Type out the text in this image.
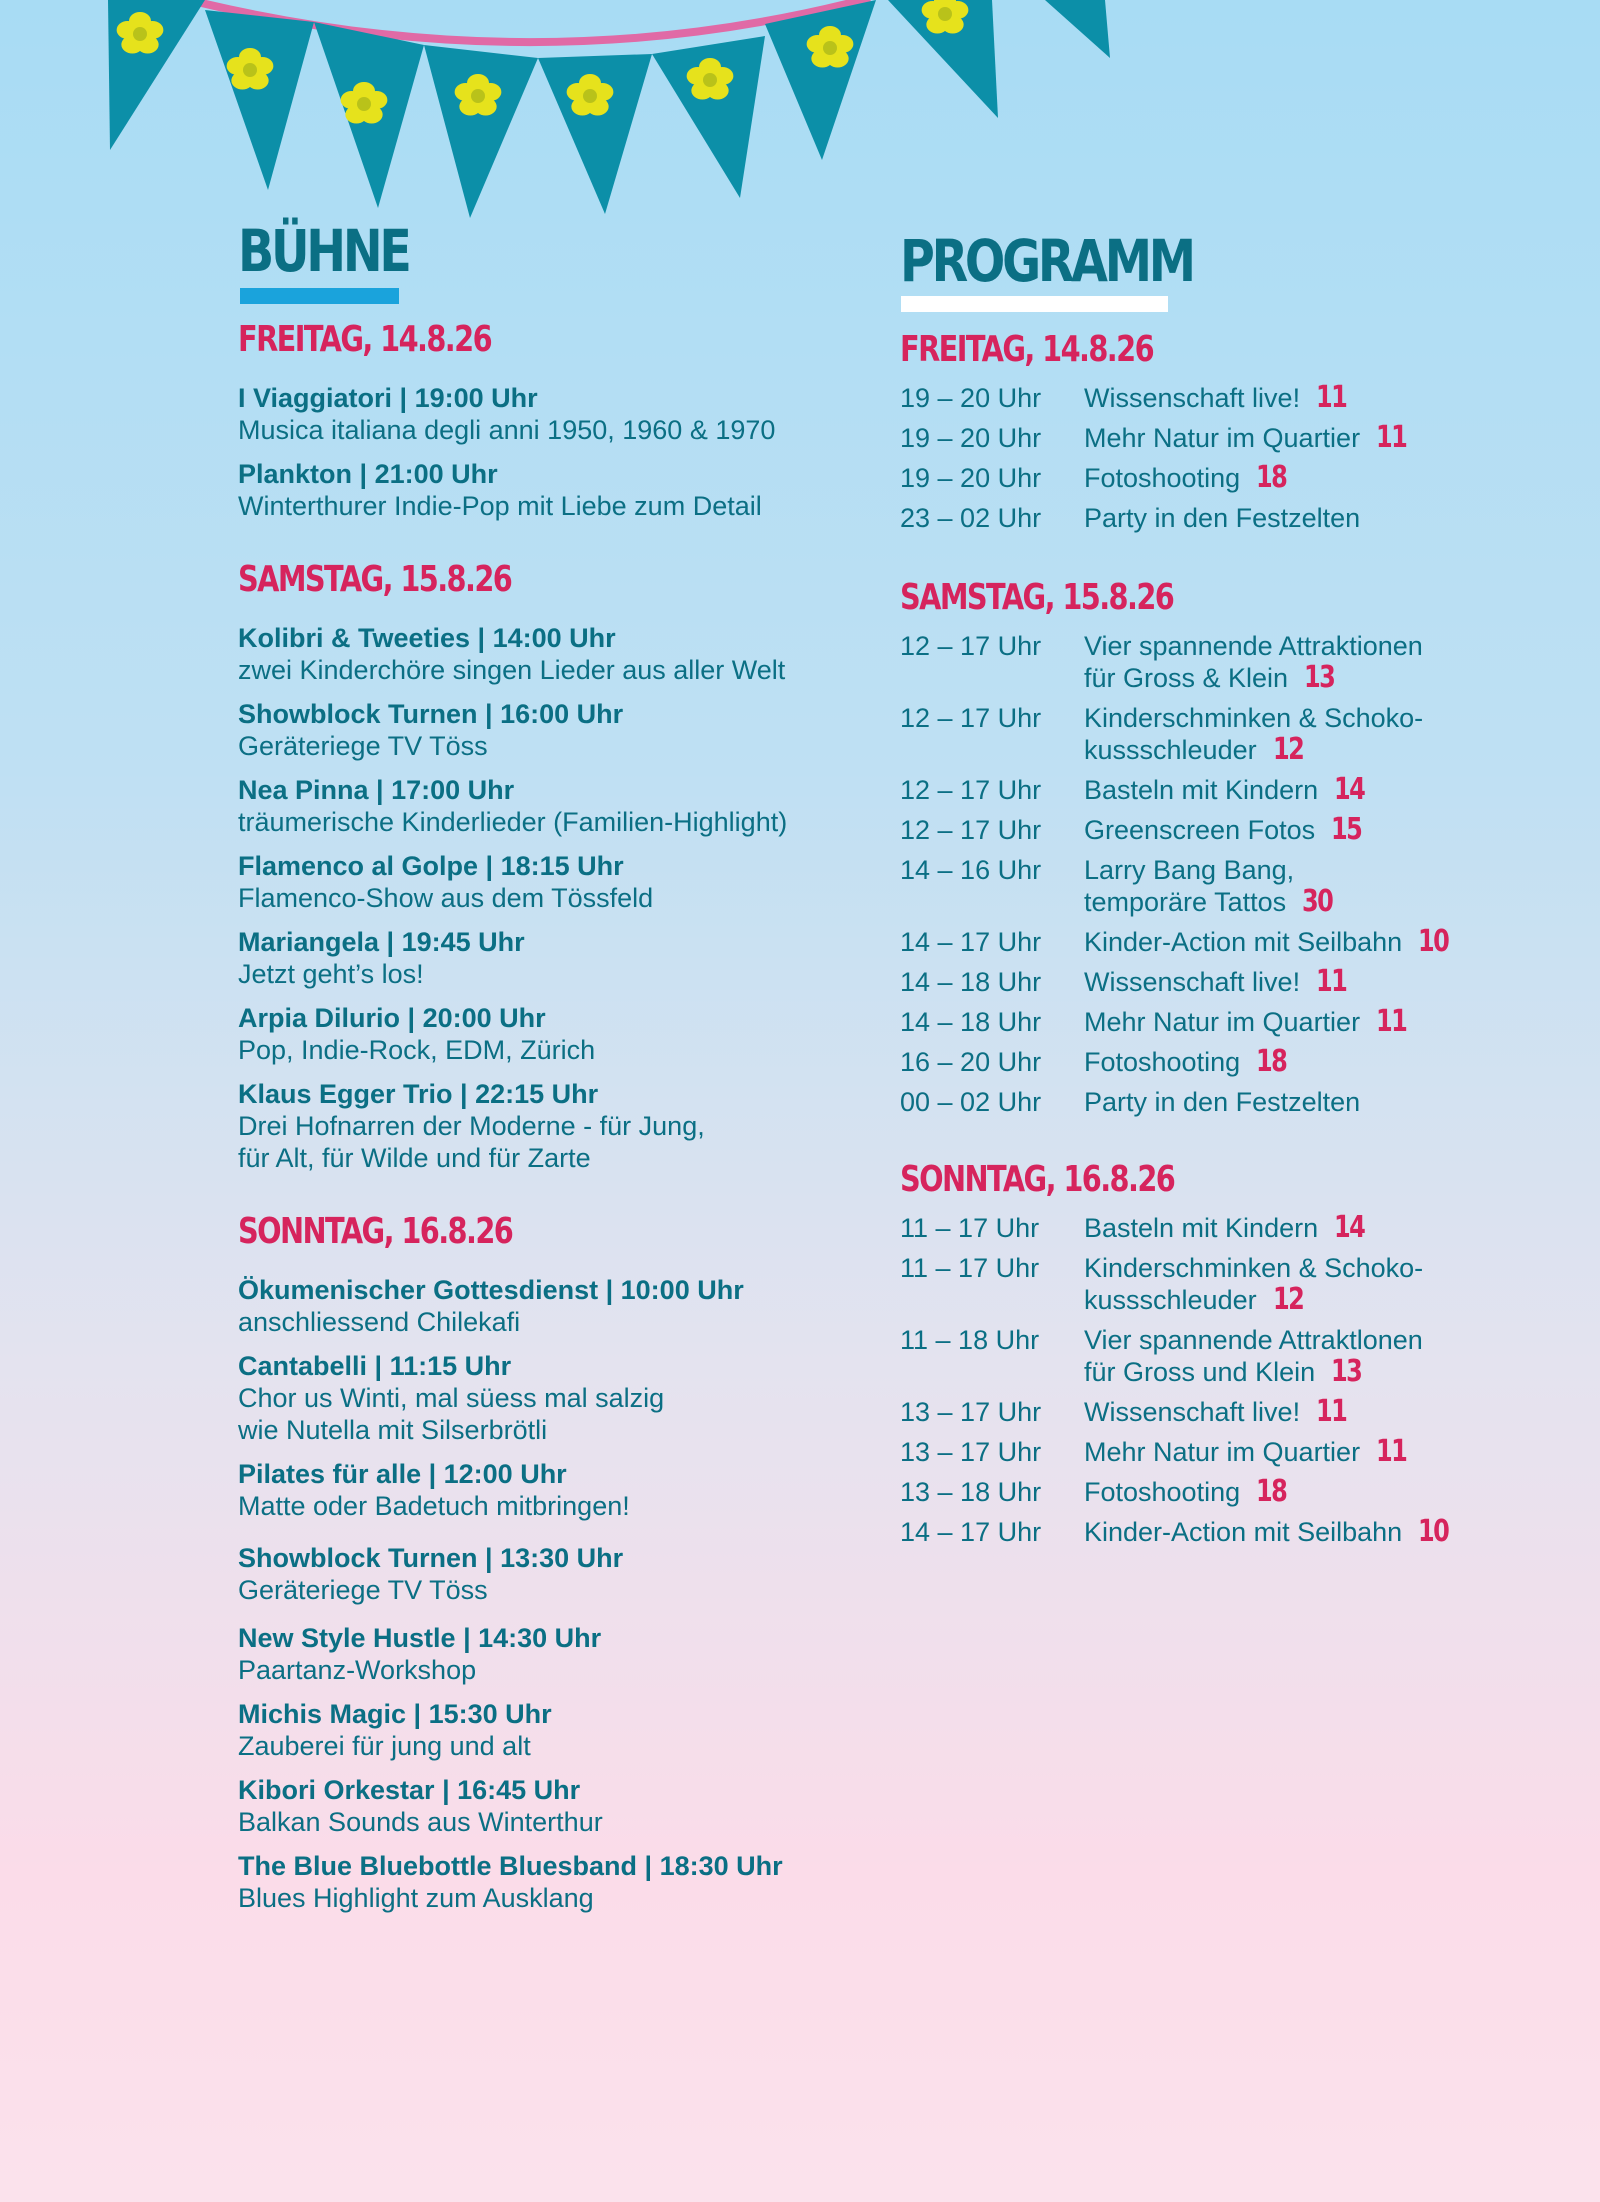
BÜHNE
FREITAG, 14.8.26
I Viaggiatori | 19:00 Uhr
Musica italiana degli anni 1950, 1960 & 1970
Plankton | 21:00 Uhr
Winterthurer Indie-Pop mit Liebe zum Detail
SAMSTAG, 15.8.26
Kolibri & Tweeties | 14:00 Uhr
zwei Kinderchöre singen Lieder aus aller Welt
Showblock Turnen | 16:00 Uhr
Geräteriege TV Töss
Nea Pinna | 17:00 Uhr
träumerische Kinderlieder (Familien-Highlight)
Flamenco al Golpe | 18:15 Uhr
Flamenco-Show aus dem Tössfeld
Mariangela | 19:45 Uhr
Jetzt geht’s los!
Arpia Dilurio | 20:00 Uhr
Pop, Indie-Rock, EDM, Zürich
Klaus Egger Trio | 22:15 Uhr
Drei Hofnarren der Moderne - für Jung,
für Alt, für Wilde und für Zarte
SONNTAG, 16.8.26
Ökumenischer Gottesdienst | 10:00 Uhr
anschliessend Chilekafi
Cantabelli | 11:15 Uhr
Chor us Winti, mal süess mal salzig
wie Nutella mit Silserbrötli
Pilates für alle | 12:00 Uhr
Matte oder Badetuch mitbringen!
Showblock Turnen | 13:30 Uhr
Geräteriege TV Töss
New Style Hustle | 14:30 Uhr
Paartanz-Workshop
Michis Magic | 15:30 Uhr
Zauberei für jung und alt
Kibori Orkestar | 16:45 Uhr
Balkan Sounds aus Winterthur
The Blue Bluebottle Bluesband | 18:30 Uhr
Blues Highlight zum Ausklang
PROGRAMM
FREITAG, 14.8.26
19 – 20 Uhr Wissenschaft live! 11
19 – 20 Uhr Mehr Natur im Quartier 11
19 – 20 Uhr Fotoshooting 18
23 – 02 Uhr Party in den Festzelten
SAMSTAG, 15.8.26
12 – 17 Uhr Vier spannende Attraktionen
für Gross & Klein 13
12 – 17 Uhr Kinderschminken & Schoko-
kussschleuder 12
12 – 17 Uhr Basteln mit Kindern 14
12 – 17 Uhr Greenscreen Fotos 15
14 – 16 Uhr Larry Bang Bang,
temporäre Tattos 30
14 – 17 Uhr Kinder-Action mit Seilbahn 10
14 – 18 Uhr Wissenschaft live! 11
14 – 18 Uhr Mehr Natur im Quartier 11
16 – 20 Uhr Fotoshooting 18
00 – 02 Uhr Party in den Festzelten
SONNTAG, 16.8.26
11 – 17 Uhr Basteln mit Kindern 14
11 – 17 Uhr Kinderschminken & Schoko-
kussschleuder 12
11 – 18 Uhr Vier spannende Attraktlonen
für Gross und Klein 13
13 – 17 Uhr Wissenschaft live! 11
13 – 17 Uhr Mehr Natur im Quartier 11
13 – 18 Uhr Fotoshooting 18
14 – 17 Uhr Kinder-Action mit Seilbahn 10
